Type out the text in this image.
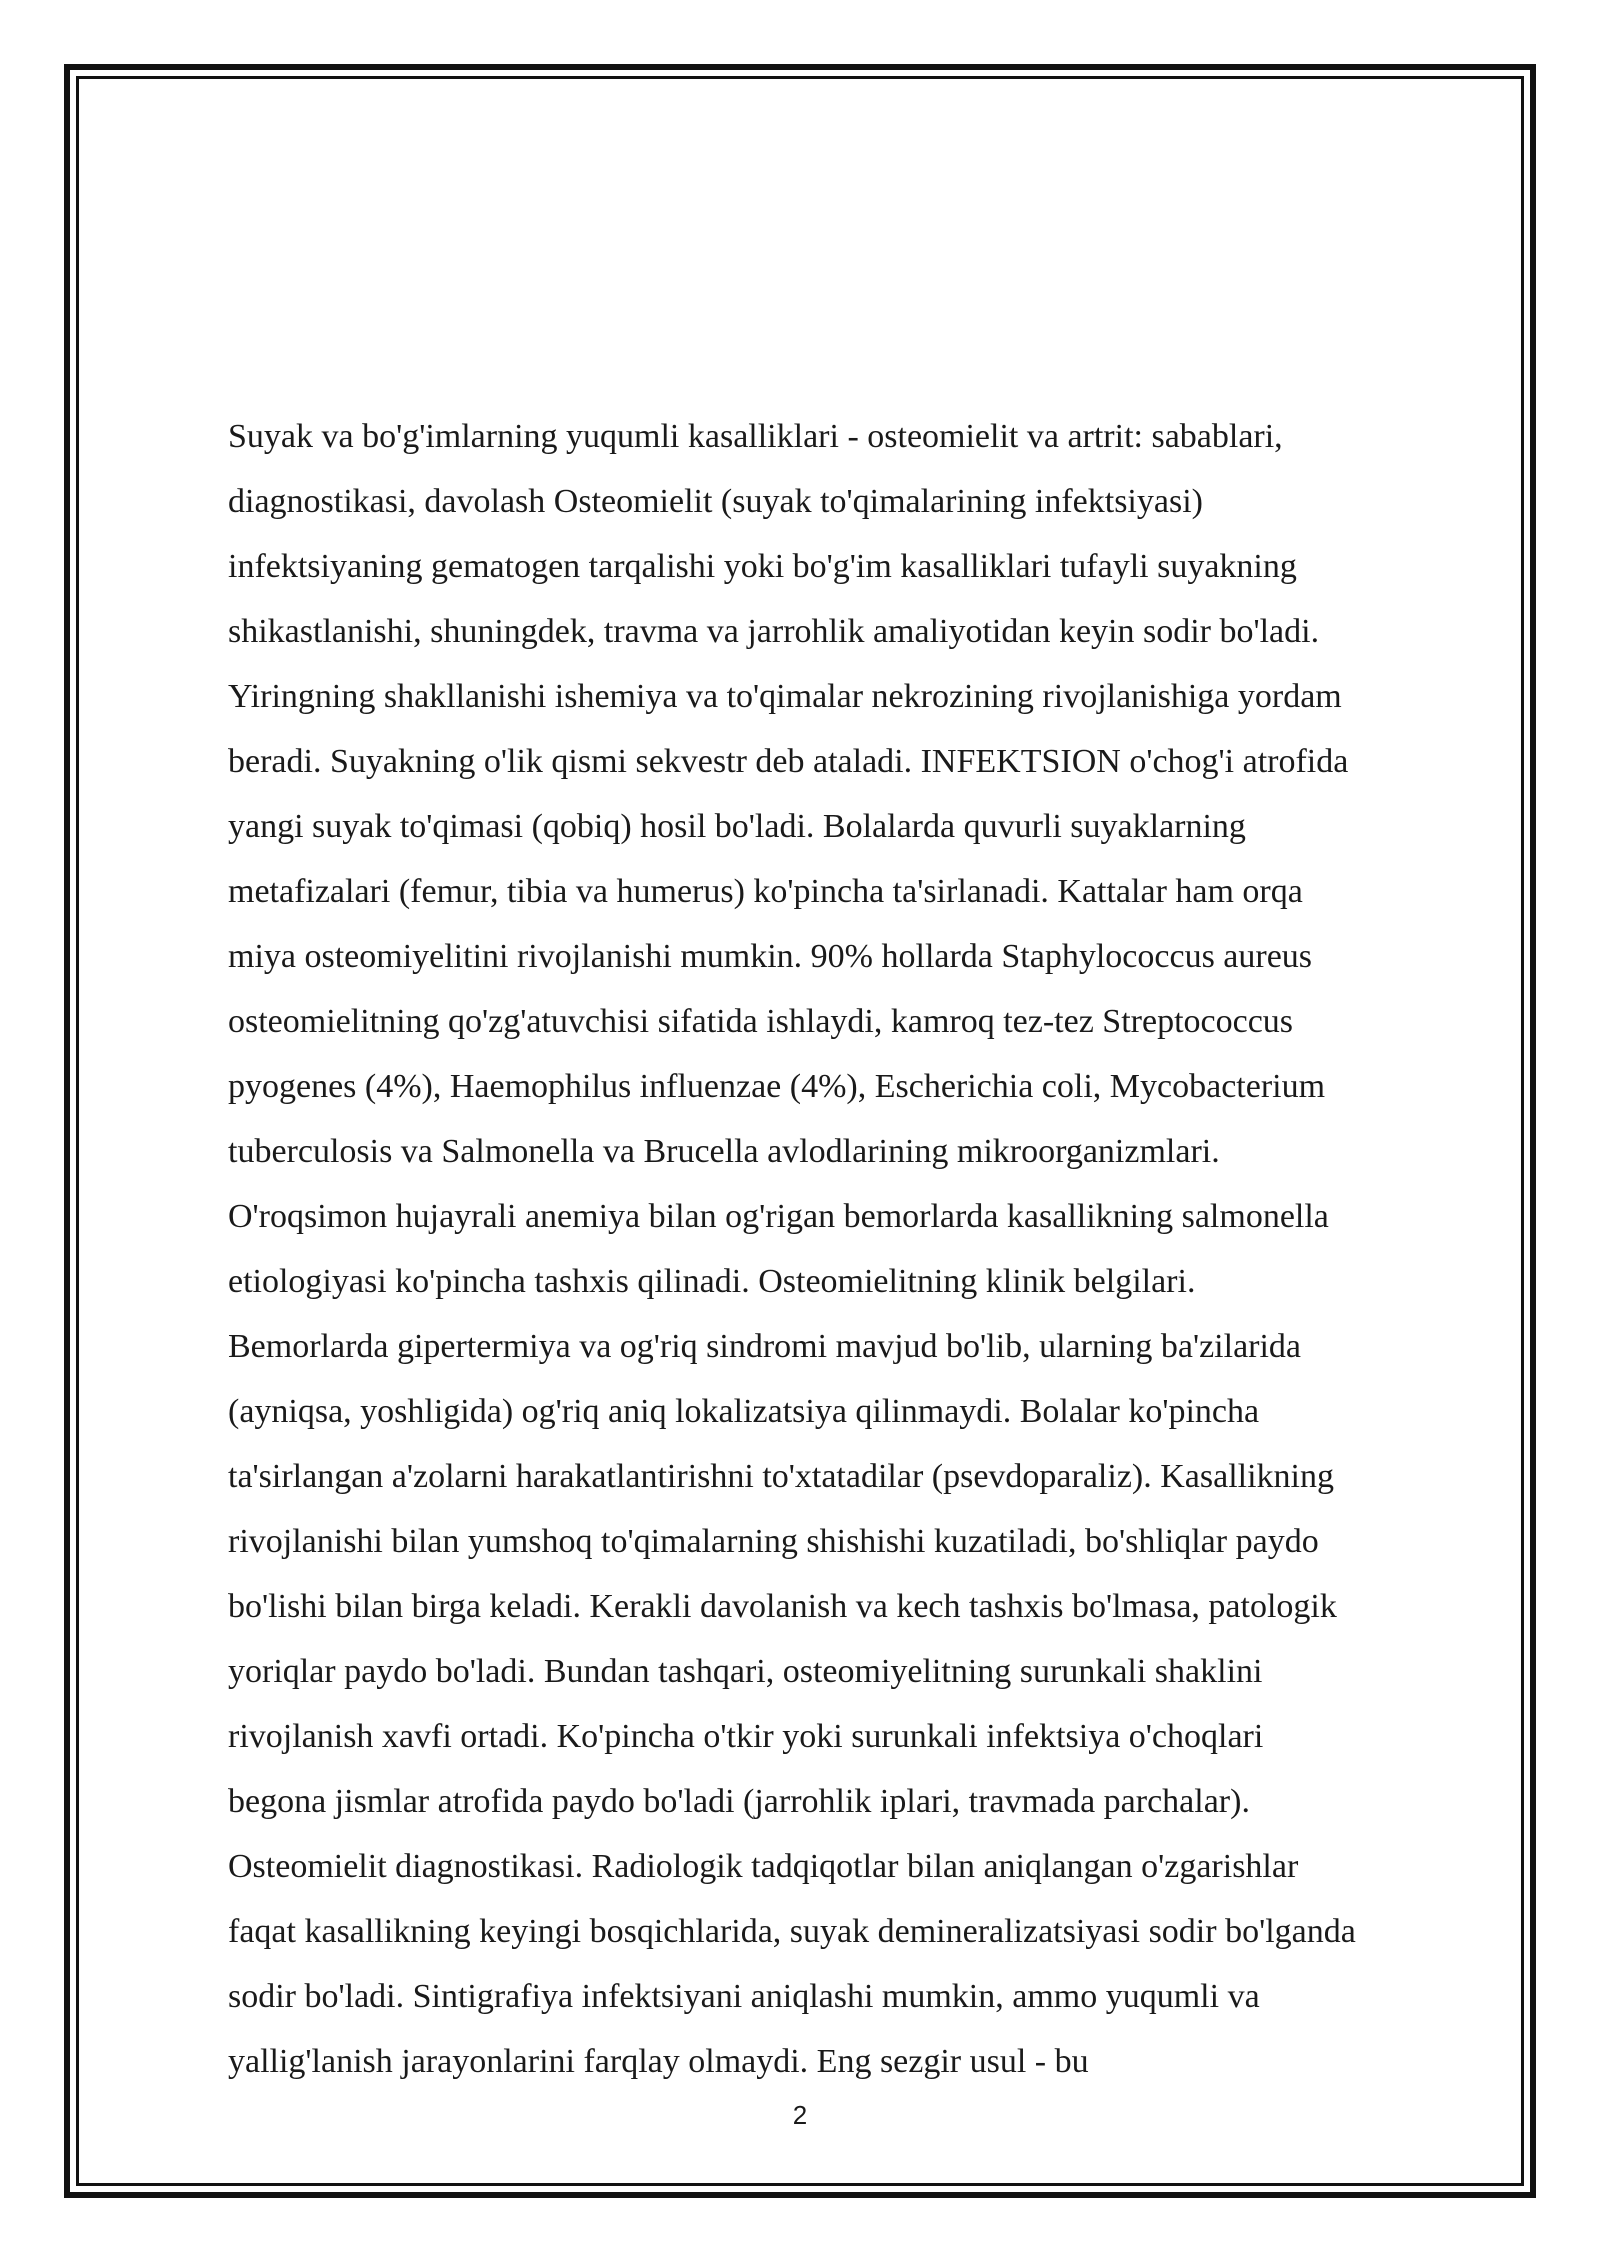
Suyak va bo'g'imlarning yuqumli kasalliklari - osteomielit va artrit: sabablari,
diagnostikasi, davolash Osteomielit (suyak to'qimalarining infektsiyasi)
infektsiyaning gematogen tarqalishi yoki bo'g'im kasalliklari tufayli suyakning
shikastlanishi, shuningdek, travma va jarrohlik amaliyotidan keyin sodir bo'ladi.
Yiringning shakllanishi ishemiya va to'qimalar nekrozining rivojlanishiga yordam
beradi. Suyakning o'lik qismi sekvestr deb ataladi. INFEKTSION o'chog'i atrofida
yangi suyak to'qimasi (qobiq) hosil bo'ladi. Bolalarda quvurli suyaklarning
metafizalari (femur, tibia va humerus) ko'pincha ta'sirlanadi. Kattalar ham orqa
miya osteomiyelitini rivojlanishi mumkin. 90% hollarda Staphylococcus aureus
osteomielitning qo'zg'atuvchisi sifatida ishlaydi, kamroq tez-tez Streptococcus
pyogenes (4%), Haemophilus influenzae (4%), Escherichia coli, Mycobacterium
tuberculosis va Salmonella va Brucella avlodlarining mikroorganizmlari.
O'roqsimon hujayrali anemiya bilan og'rigan bemorlarda kasallikning salmonella
etiologiyasi ko'pincha tashxis qilinadi. Osteomielitning klinik belgilari.
Bemorlarda gipertermiya va og'riq sindromi mavjud bo'lib, ularning ba'zilarida
(ayniqsa, yoshligida) og'riq aniq lokalizatsiya qilinmaydi. Bolalar ko'pincha
ta'sirlangan a'zolarni harakatlantirishni to'xtatadilar (psevdoparaliz). Kasallikning
rivojlanishi bilan yumshoq to'qimalarning shishishi kuzatiladi, bo'shliqlar paydo
bo'lishi bilan birga keladi. Kerakli davolanish va kech tashxis bo'lmasa, patologik
yoriqlar paydo bo'ladi. Bundan tashqari, osteomiyelitning surunkali shaklini
rivojlanish xavfi ortadi. Ko'pincha o'tkir yoki surunkali infektsiya o'choqlari
begona jismlar atrofida paydo bo'ladi (jarrohlik iplari, travmada parchalar).
Osteomielit diagnostikasi. Radiologik tadqiqotlar bilan aniqlangan o'zgarishlar
faqat kasallikning keyingi bosqichlarida, suyak demineralizatsiyasi sodir bo'lganda
sodir bo'ladi. Sintigrafiya infektsiyani aniqlashi mumkin, ammo yuqumli va
yallig'lanish jarayonlarini farqlay olmaydi. Eng sezgir usul - bu
2
